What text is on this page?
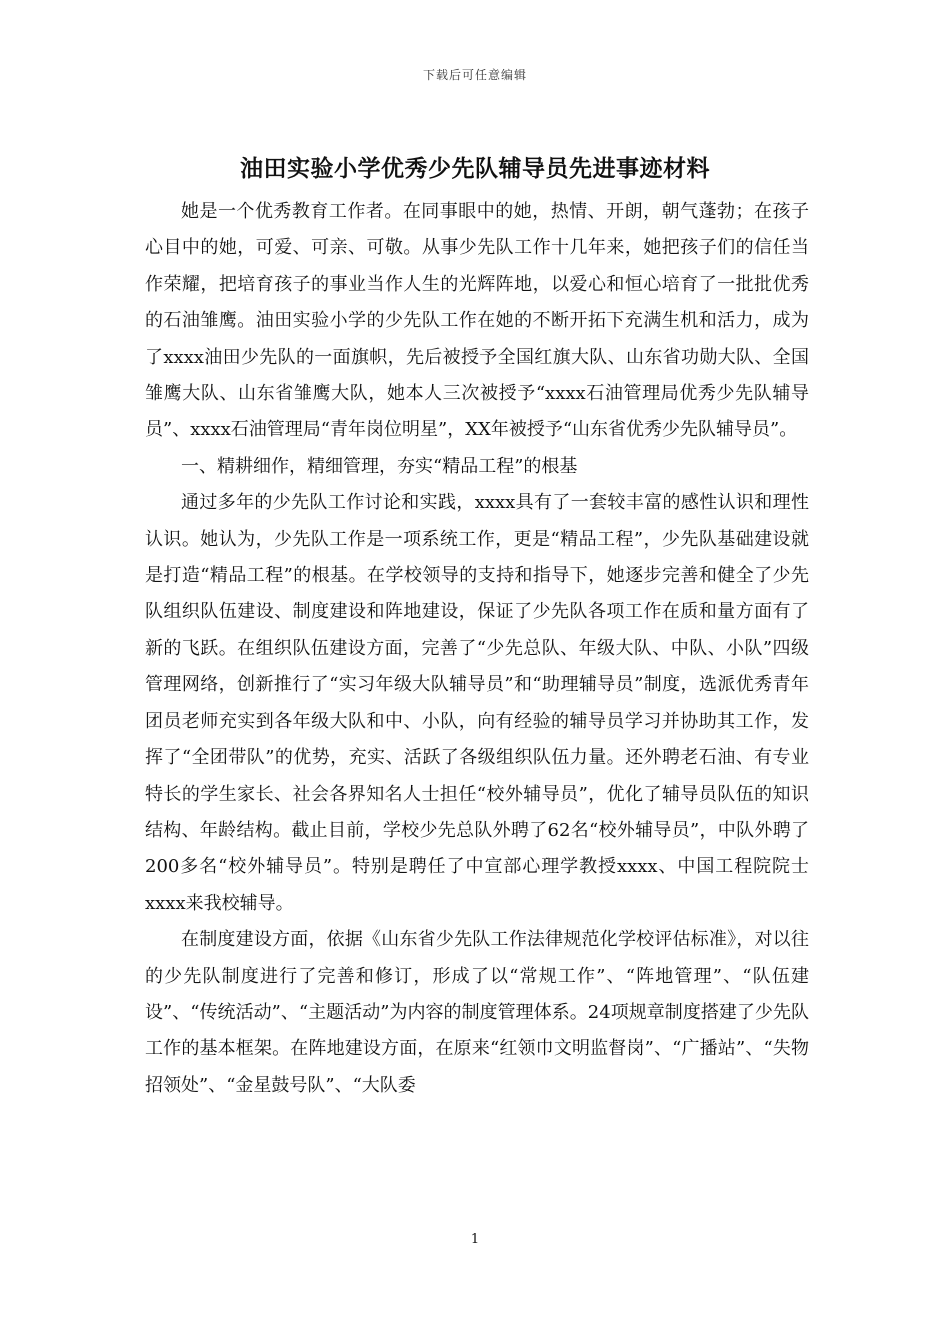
下载后可任意编辑
油田实验小学优秀少先队辅导员先进事迹材料

她是一个优秀教育工作者。在同事眼中的她，热情、开朗，朝气蓬勃；在孩子心目中的她，可爱、可亲、可敬。从事少先队工作十几年来，她把孩子们的信任当作荣耀，把培育孩子的事业当作人生的光辉阵地，以爱心和恒心培育了一批批优秀的石油雏鹰。油田实验小学的少先队工作在她的不断开拓下充满生机和活力，成为了xxxx油田少先队的一面旗帜，先后被授予全国红旗大队、山东省功勋大队、全国雏鹰大队、山东省雏鹰大队，她本人三次被授予“xxxx石油管理局优秀少先队辅导员”、xxxx石油管理局“青年岗位明星”，XX年被授予“山东省优秀少先队辅导员”。

一、精耕细作，精细管理，夯实“精品工程”的根基

通过多年的少先队工作讨论和实践，xxxx具有了一套较丰富的感性认识和理性认识。她认为，少先队工作是一项系统工作，更是“精品工程”，少先队基础建设就是打造“精品工程”的根基。在学校领导的支持和指导下，她逐步完善和健全了少先队组织队伍建设、制度建设和阵地建设，保证了少先队各项工作在质和量方面有了新的飞跃。在组织队伍建设方面，完善了“少先总队、年级大队、中队、小队”四级管理网络，创新推行了“实习年级大队辅导员”和“助理辅导员”制度，选派优秀青年团员老师充实到各年级大队和中、小队，向有经验的辅导员学习并协助其工作，发挥了“全团带队”的优势，充实、活跃了各级组织队伍力量。还外聘老石油、有专业特长的学生家长、社会各界知名人士担任“校外辅导员”，优化了辅导员队伍的知识结构、年龄结构。截止目前，学校少先总队外聘了62名“校外辅导员”，中队外聘了200多名“校外辅导员”。特别是聘任了中宣部心理学教授xxxx、中国工程院院士xxxx来我校辅导。

在制度建设方面，依据《山东省少先队工作法律规范化学校评估标准》，对以往的少先队制度进行了完善和修订，形成了以“常规工作”、“阵地管理”、“队伍建设”、“传统活动”、“主题活动”为内容的制度管理体系。24项规章制度搭建了少先队工作的基本框架。在阵地建设方面，在原来“红领巾文明监督岗”、“广播站”、“失物招领处”、“金星鼓号队”、“大队委

1
